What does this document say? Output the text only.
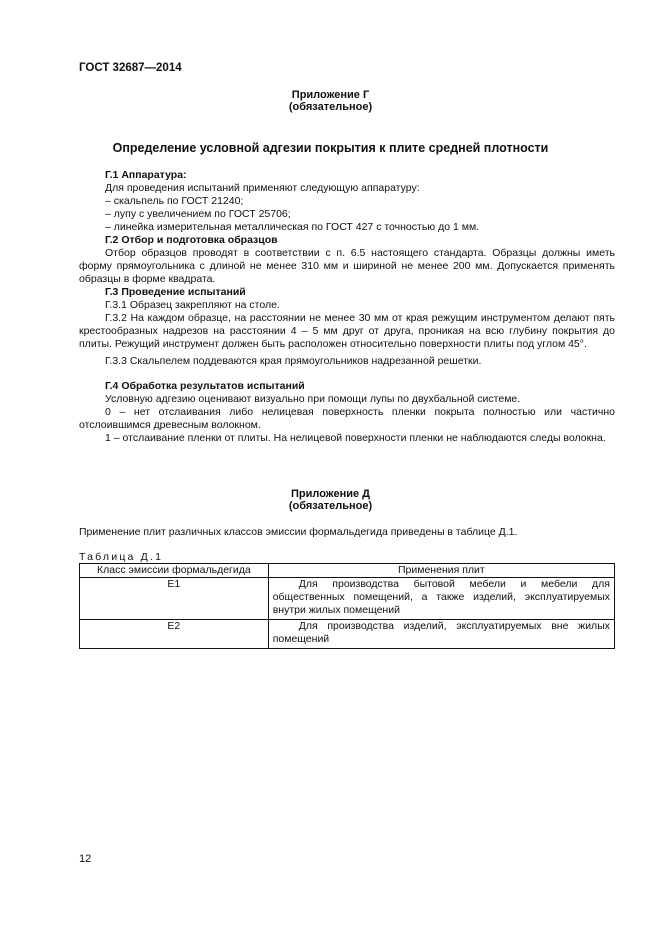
ГОСТ 32687—2014
Приложение Г
(обязательное)
Определение условной адгезии покрытия к плите средней плотности
Г.1 Аппаратура:
Для проведения испытаний применяют следующую аппаратуру:
– скальпель по ГОСТ 21240;
– лупу с увеличением по ГОСТ 25706;
– линейка измерительная металлическая по ГОСТ 427 с точностью до 1 мм.
Г.2 Отбор и подготовка образцов
Отбор образцов проводят в соответствии с п. 6.5 настоящего стандарта. Образцы должны иметь форму прямоугольника с длиной не менее 310 мм и шириной не менее 200 мм. Допускается применять образцы в форме квадрата.
Г.3 Проведение испытаний
Г.3.1 Образец закрепляют на столе.
Г.3.2 На каждом образце, на расстоянии не менее 30 мм от края режущим инструментом делают пять крестообразных надрезов на расстоянии 4 – 5 мм друг от друга, проникая на всю глубину покрытия до плиты. Режущий инструмент должен быть расположен относительно поверхности плиты под углом 45°.
Г.3.3 Скальпелем поддеваются края прямоугольников надрезанной решетки.
Г.4 Обработка результатов испытаний
Условную адгезию оценивают визуально при помощи лупы по двухбальной системе.
0 – нет отслаивания либо нелицевая поверхность пленки покрыта полностью или частично отслоившимся древесным волокном.
1 – отслаивание пленки от плиты. На нелицевой поверхности пленки не наблюдаются следы волокна.
Приложение Д
(обязательное)
Применение плит различных классов эмиссии формальдегида приведены в таблице Д.1.
Таблица Д.1
Класс эмиссии формальдегида	Применения плит
Е1	Для производства бытовой мебели и мебели для общественных помещений, а также изделий, эксплуатируемых внутри жилых помещений
Е2	Для производства изделий, эксплуатируемых вне жилых помещений
12
